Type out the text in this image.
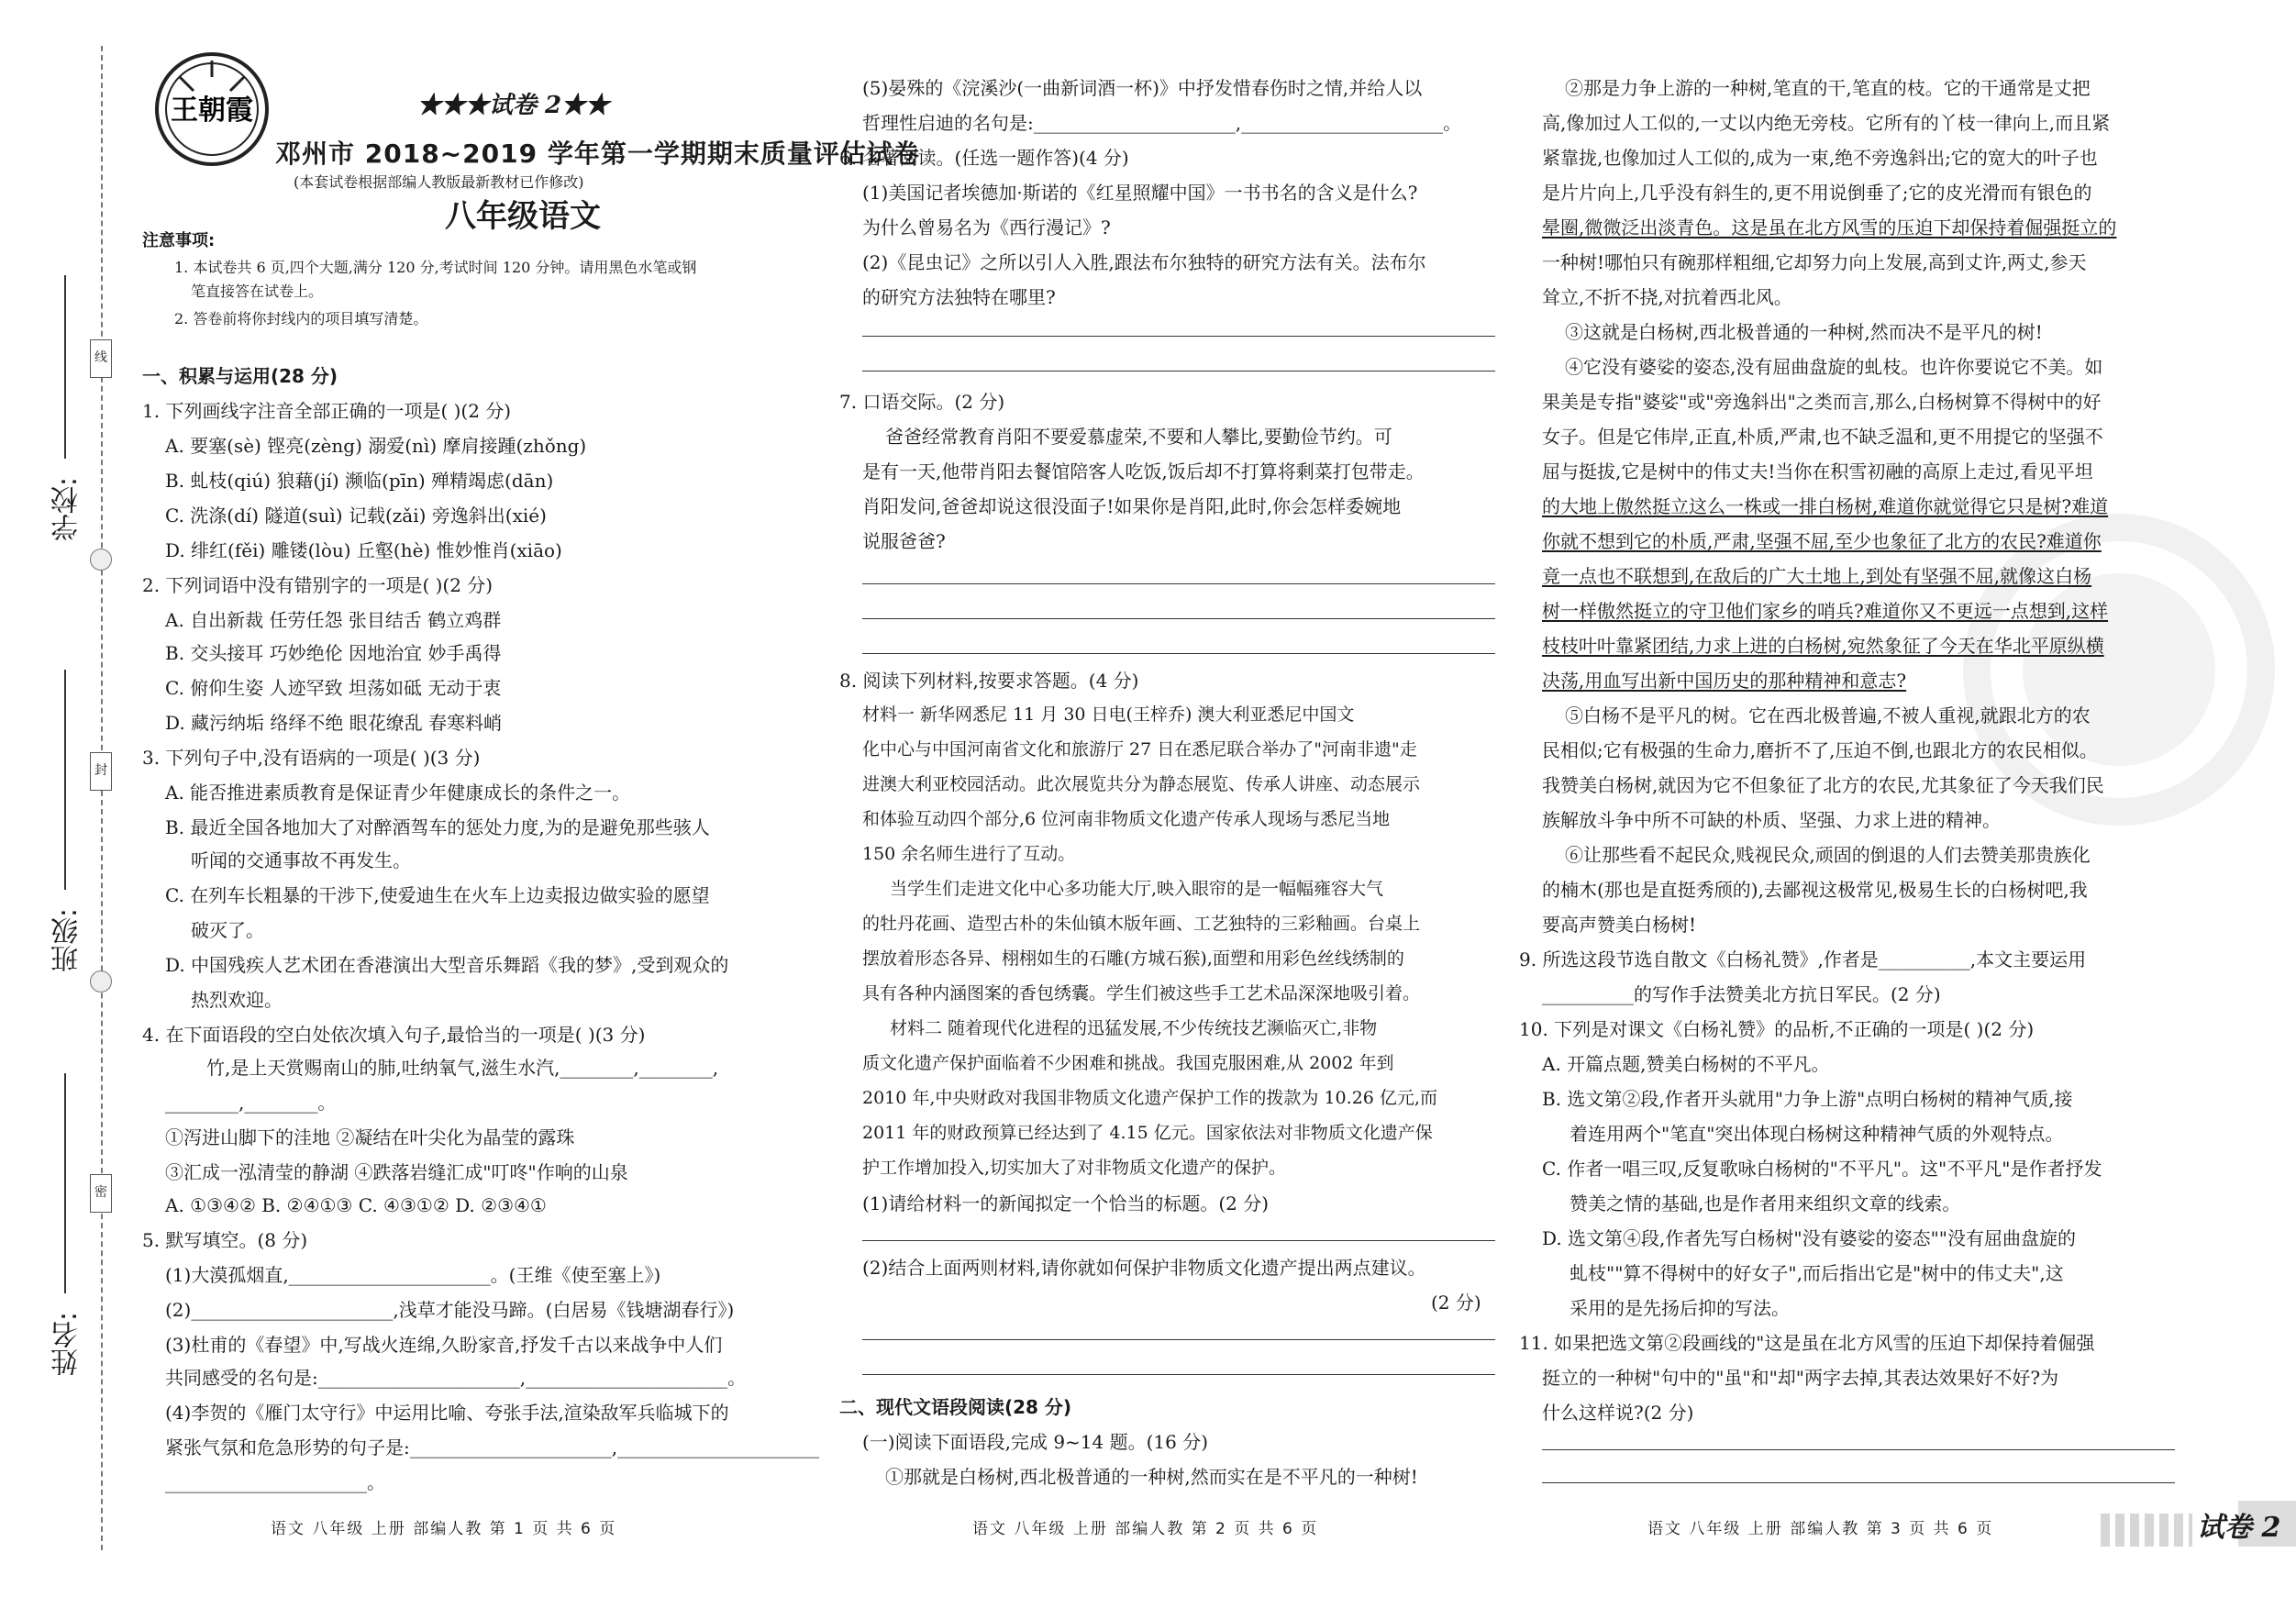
线
封
密
学校:
班级:
姓名:
王朝霞	★★★试卷 2★★
邓州市 2018~2019 学年第一学期期末质量评估试卷
(本套试卷根据部编人教版最新教材已作修改)
八年级语文
注意事项:
1. 本试卷共 6 页,四个大题,满分 120 分,考试时间 120 分钟。请用黑色水笔或钢
笔直接答在试卷上。
2. 答卷前将你封线内的项目填写清楚。
一、积累与运用(28 分)
1. 下列画线字注音全部正确的一项是( )(2 分)
A. 要塞(sè) 铿亮(zèng) 溺爱(nì) 摩肩接踵(zhǒng)
B. 虬枝(qiú) 狼藉(jí) 濒临(pīn) 殚精竭虑(dān)
C. 洗涤(dí) 隧道(suì) 记载(zǎi) 旁逸斜出(xié)
D. 绯红(fěi) 雕镂(lòu) 丘壑(hè) 惟妙惟肖(xiāo)
2. 下列词语中没有错别字的一项是( )(2 分)
A. 自出新裁 任劳任怨 张目结舌 鹤立鸡群
B. 交头接耳 巧妙绝伦 因地治宜 妙手禹得
C. 俯仰生姿 人迹罕致 坦荡如砥 无动于衷
D. 藏污纳垢 络绎不绝 眼花缭乱 春寒料峭
3. 下列句子中,没有语病的一项是( )(3 分)
A. 能否推进素质教育是保证青少年健康成长的条件之一。
B. 最近全国各地加大了对醉酒驾车的惩处力度,为的是避免那些骇人
听闻的交通事故不再发生。
C. 在列车长粗暴的干涉下,使爱迪生在火车上边卖报边做实验的愿望
破灭了。
D. 中国残疾人艺术团在香港演出大型音乐舞蹈《我的梦》,受到观众的
热烈欢迎。
4. 在下面语段的空白处依次填入句子,最恰当的一项是( )(3 分)
竹,是上天赏赐南山的肺,吐纳氧气,滋生水汽,________,________,
________,________。
①泻进山脚下的洼地 ②凝结在叶尖化为晶莹的露珠
③汇成一泓清莹的静湖 ④跌落岩缝汇成"叮咚"作响的山泉
A. ①③④② B. ②④①③ C. ④③①② D. ②③④①
5. 默写填空。(8 分)
(1)大漠孤烟直,______________________。(王维《使至塞上》)
(2)______________________,浅草才能没马蹄。(白居易《钱塘湖春行》)
(3)杜甫的《春望》中,写战火连绵,久盼家音,抒发千古以来战争中人们
共同感受的名句是:______________________,______________________。
(4)李贺的《雁门太守行》中运用比喻、夸张手法,渲染敌军兵临城下的
紧张气氛和危急形势的句子是:______________________,______________________
______________________。
语文 八年级 上册 部编人教 第 1 页 共 6 页
(5)晏殊的《浣溪沙(一曲新词酒一杯)》中抒发惜春伤时之情,并给人以
哲理性启迪的名句是:______________________,______________________。
6. 名著阅读。(任选一题作答)(4 分)
(1)美国记者埃德加·斯诺的《红星照耀中国》一书书名的含义是什么?
为什么曾易名为《西行漫记》?
(2)《昆虫记》之所以引人入胜,跟法布尔独特的研究方法有关。法布尔
的研究方法独特在哪里?
7. 口语交际。(2 分)
爸爸经常教育肖阳不要爱慕虚荣,不要和人攀比,要勤俭节约。可
是有一天,他带肖阳去餐馆陪客人吃饭,饭后却不打算将剩菜打包带走。
肖阳发问,爸爸却说这很没面子!如果你是肖阳,此时,你会怎样委婉地
说服爸爸?
8. 阅读下列材料,按要求答题。(4 分)
材料一 新华网悉尼 11 月 30 日电(王梓乔) 澳大利亚悉尼中国文
化中心与中国河南省文化和旅游厅 27 日在悉尼联合举办了"河南非遗"走
进澳大利亚校园活动。此次展览共分为静态展览、传承人讲座、动态展示
和体验互动四个部分,6 位河南非物质文化遗产传承人现场与悉尼当地
150 余名师生进行了互动。
当学生们走进文化中心多功能大厅,映入眼帘的是一幅幅雍容大气
的牡丹花画、造型古朴的朱仙镇木版年画、工艺独特的三彩釉画。台桌上
摆放着形态各异、栩栩如生的石雕(方城石猴),面塑和用彩色丝线绣制的
具有各种内涵图案的香包绣囊。学生们被这些手工艺术品深深地吸引着。
材料二 随着现代化进程的迅猛发展,不少传统技艺濒临灭亡,非物
质文化遗产保护面临着不少困难和挑战。我国克服困难,从 2002 年到
2010 年,中央财政对我国非物质文化遗产保护工作的拨款为 10.26 亿元,而
2011 年的财政预算已经达到了 4.15 亿元。国家依法对非物质文化遗产保
护工作增加投入,切实加大了对非物质文化遗产的保护。
(1)请给材料一的新闻拟定一个恰当的标题。(2 分)
(2)结合上面两则材料,请你就如何保护非物质文化遗产提出两点建议。
(2 分)
二、现代文语段阅读(28 分)
(一)阅读下面语段,完成 9~14 题。(16 分)
①那就是白杨树,西北极普通的一种树,然而实在是不平凡的一种树!
语文 八年级 上册 部编人教 第 2 页 共 6 页
②那是力争上游的一种树,笔直的干,笔直的枝。它的干通常是丈把
高,像加过人工似的,一丈以内绝无旁枝。它所有的丫枝一律向上,而且紧
紧靠拢,也像加过人工似的,成为一束,绝不旁逸斜出;它的宽大的叶子也
是片片向上,几乎没有斜生的,更不用说倒垂了;它的皮光滑而有银色的
晕圈,微微泛出淡青色。这是虽在北方风雪的压迫下却保持着倔强挺立的
一种树!哪怕只有碗那样粗细,它却努力向上发展,高到丈许,两丈,参天
耸立,不折不挠,对抗着西北风。
③这就是白杨树,西北极普通的一种树,然而决不是平凡的树!
④它没有婆娑的姿态,没有屈曲盘旋的虬枝。也许你要说它不美。如
果美是专指"婆娑"或"旁逸斜出"之类而言,那么,白杨树算不得树中的好
女子。但是它伟岸,正直,朴质,严肃,也不缺乏温和,更不用提它的坚强不
屈与挺拔,它是树中的伟丈夫!当你在积雪初融的高原上走过,看见平坦
的大地上傲然挺立这么一株或一排白杨树,难道你就觉得它只是树?难道
你就不想到它的朴质,严肃,坚强不屈,至少也象征了北方的农民?难道你
竟一点也不联想到,在敌后的广大土地上,到处有坚强不屈,就像这白杨
树一样傲然挺立的守卫他们家乡的哨兵?难道你又不更远一点想到,这样
枝枝叶叶靠紧团结,力求上进的白杨树,宛然象征了今天在华北平原纵横
决荡,用血写出新中国历史的那种精神和意志?
⑤白杨不是平凡的树。它在西北极普遍,不被人重视,就跟北方的农
民相似;它有极强的生命力,磨折不了,压迫不倒,也跟北方的农民相似。
我赞美白杨树,就因为它不但象征了北方的农民,尤其象征了今天我们民
族解放斗争中所不可缺的朴质、坚强、力求上进的精神。
⑥让那些看不起民众,贱视民众,顽固的倒退的人们去赞美那贵族化
的楠木(那也是直挺秀颀的),去鄙视这极常见,极易生长的白杨树吧,我
要高声赞美白杨树!
9. 所选这段节选自散文《白杨礼赞》,作者是__________,本文主要运用
__________的写作手法赞美北方抗日军民。(2 分)
10. 下列是对课文《白杨礼赞》的品析,不正确的一项是( )(2 分)
A. 开篇点题,赞美白杨树的不平凡。
B. 选文第②段,作者开头就用"力争上游"点明白杨树的精神气质,接
着连用两个"笔直"突出体现白杨树这种精神气质的外观特点。
C. 作者一唱三叹,反复歌咏白杨树的"不平凡"。这"不平凡"是作者抒发
赞美之情的基础,也是作者用来组织文章的线索。
D. 选文第④段,作者先写白杨树"没有婆娑的姿态""没有屈曲盘旋的
虬枝""算不得树中的好女子",而后指出它是"树中的伟丈夫",这
采用的是先扬后抑的写法。
11. 如果把选文第②段画线的"这是虽在北方风雪的压迫下却保持着倔强
挺立的一种树"句中的"虽"和"却"两字去掉,其表达效果好不好?为
什么这样说?(2 分)
语文 八年级 上册 部编人教 第 3 页 共 6 页	试卷 2
